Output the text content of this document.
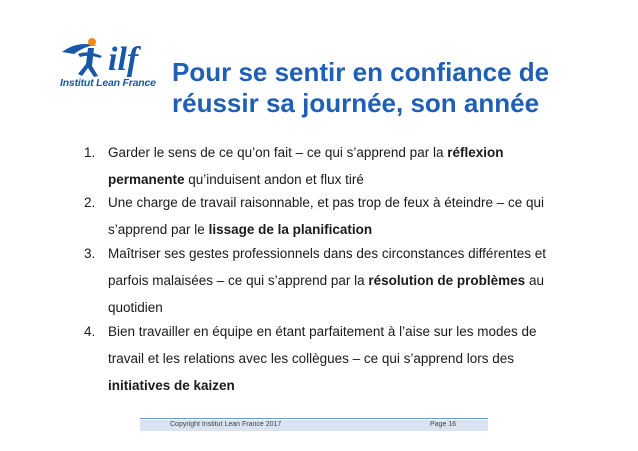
ilf
Institut Lean France Pour se sentir en confiance de
réussir sa journée, son année
1. Garder le sens de ce qu’on fait – ce qui s’apprend par la réflexion permanente qu’induisent andon et flux tiré
2. Une charge de travail raisonnable, et pas trop de feux à éteindre – ce qui s’apprend par le lissage de la planification
3. Maîtriser ses gestes professionnels dans des circonstances différentes et parfois malaisées – ce qui s’apprend par la résolution de problèmes au quotidien
4. Bien travailler en équipe en étant parfaitement à l’aise sur les modes de travail et les relations avec les collègues – ce qui s’apprend lors des initiatives de kaizen
Copyright Institut Lean France 2017	Page 16
